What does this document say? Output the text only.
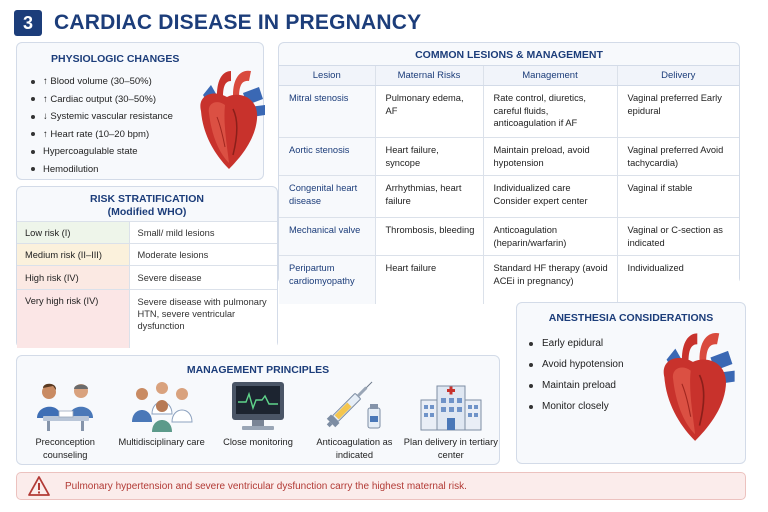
3	CARDIAC DISEASE IN PREGNANCY
PHYSIOLOGIC CHANGES
↑ Blood volume (30–50%)
↑ Cardiac output (30–50%)
↓ Systemic vascular resistance
↑ Heart rate (10–20 bpm)
Hypercoagulable state
Hemodilution
RISK STRATIFICATION
(Modified WHO)
Low risk (I)	Small/ mild lesions
Medium risk (II–III)	Moderate lesions
High risk (IV)	Severe disease
Very high risk (IV)	Severe disease with pulmonary HTN, severe ventricular dysfunction
COMMON LESIONS & MANAGEMENT
Lesion	Maternal Risks	Management	Delivery
Mitral stenosis	Pulmonary edema, AF	Rate control, diuretics, careful fluids, anticoagulation if AF	Vaginal preferred Early epidural
Aortic stenosis	Heart failure, syncope	Maintain preload, avoid hypotension	Vaginal preferred Avoid tachycardia)
Congenital heart disease	Arrhythmias, heart failure	Individualized care Consider expert center	Vaginal if stable
Mechanical valve	Thrombosis, bleeding	Anticoagulation (heparin/warfarin)	Vaginal or C-section as indicated
Peripartum cardiomyopathy	Heart failure	Standard HF therapy (avoid ACEi in pregnancy)	Individualized
ANESTHESIA CONSIDERATIONS
Early epidural
Avoid hypotension
Maintain preload
Monitor closely
MANAGEMENT PRINCIPLES
Preconception counseling
Multidisciplinary care Close monitoring	Anticoagulation as indicated
Plan delivery in tertiary center
Pulmonary hypertension and severe ventricular dysfunction carry the highest maternal risk.
